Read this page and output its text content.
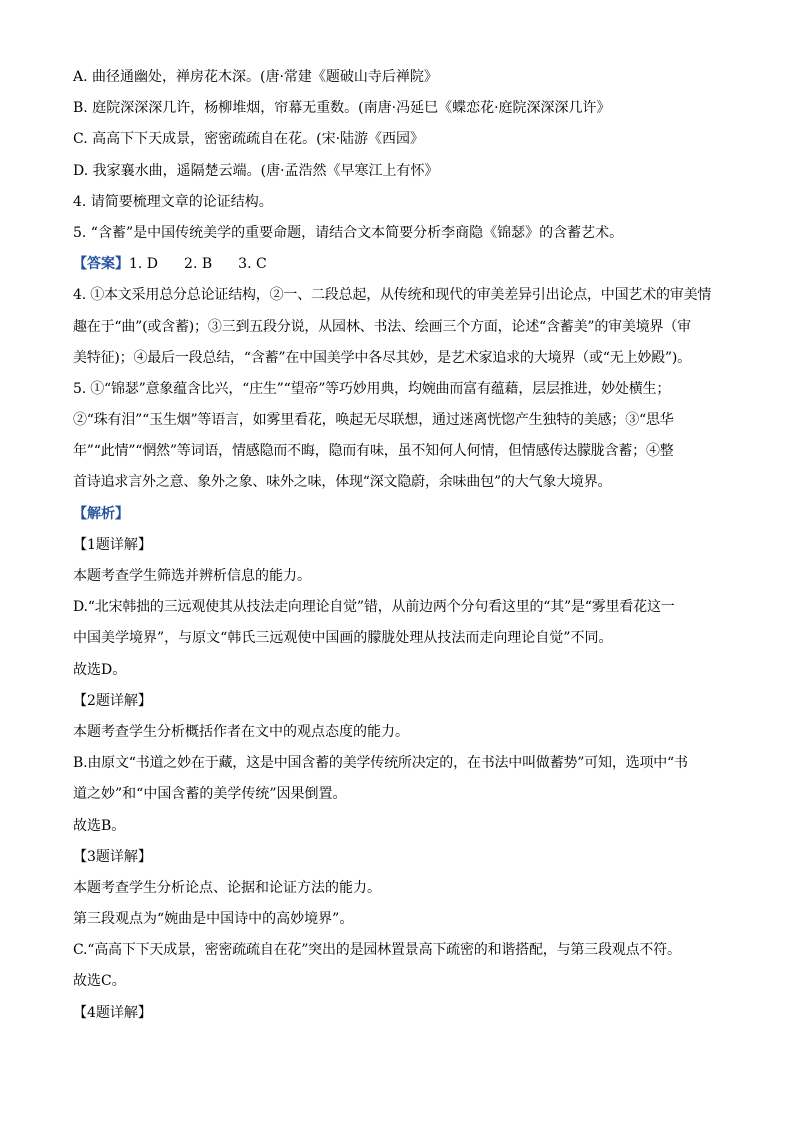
A. 曲径通幽处，禅房花木深。(唐·常建《题破山寺后禅院》
B. 庭院深深深几许，杨柳堆烟，帘幕无重数。(南唐·冯延巳《蝶恋花·庭院深深深几许》
C. 高高下下天成景，密密疏疏自在花。(宋·陆游《西园》
D. 我家襄水曲，遥隔楚云端。(唐·孟浩然《早寒江上有怀》
4. 请简要梳理文章的论证结构。
5. “含蓄”是中国传统美学的重要命题，请结合文本简要分析李商隐《锦瑟》的含蓄艺术。
【答案】1. D 2. B 3. C
4. ①本文采用总分总论证结构，②一、二段总起，从传统和现代的审美差异引出论点，中国艺术的审美情
趣在于“曲”(或含蓄)；③三到五段分说，从园林、书法、绘画三个方面，论述“含蓄美”的审美境界（审
美特征)；④最后一段总结，“含蓄”在中国美学中各尽其妙，是艺术家追求的大境界（或“无上妙殿”)。
5. ①“锦瑟”意象蕴含比兴，“庄生”“望帝”等巧妙用典，均婉曲而富有蕴藉，层层推进，妙处横生；
②“珠有泪”“玉生烟”等语言，如雾里看花，唤起无尽联想，通过迷离恍惚产生独特的美感；③“思华
年”“此情”“惘然”等词语，情感隐而不晦，隐而有味，虽不知何人何情，但情感传达朦胧含蓄；④整
首诗追求言外之意、象外之象、味外之味，体现“深文隐蔚，余味曲包”的大气象大境界。
【解析】
【1题详解】
本题考查学生筛选并辨析信息的能力。
D.“北宋韩拙的三远观使其从技法走向理论自觉”错，从前边两个分句看这里的“其”是“雾里看花这一
中国美学境界”，与原文“韩氏三远观使中国画的朦胧处理从技法而走向理论自觉”不同。
故选D。
【2题详解】
本题考查学生分析概括作者在文中的观点态度的能力。
B.由原文“书道之妙在于藏，这是中国含蓄的美学传统所决定的，在书法中叫做蓄势”可知，选项中“书
道之妙”和“中国含蓄的美学传统”因果倒置。
故选B。
【3题详解】
本题考查学生分析论点、论据和论证方法的能力。
第三段观点为“婉曲是中国诗中的高妙境界”。
C.“高高下下天成景，密密疏疏自在花”突出的是园林置景高下疏密的和谐搭配，与第三段观点不符。
故选C。
【4题详解】
